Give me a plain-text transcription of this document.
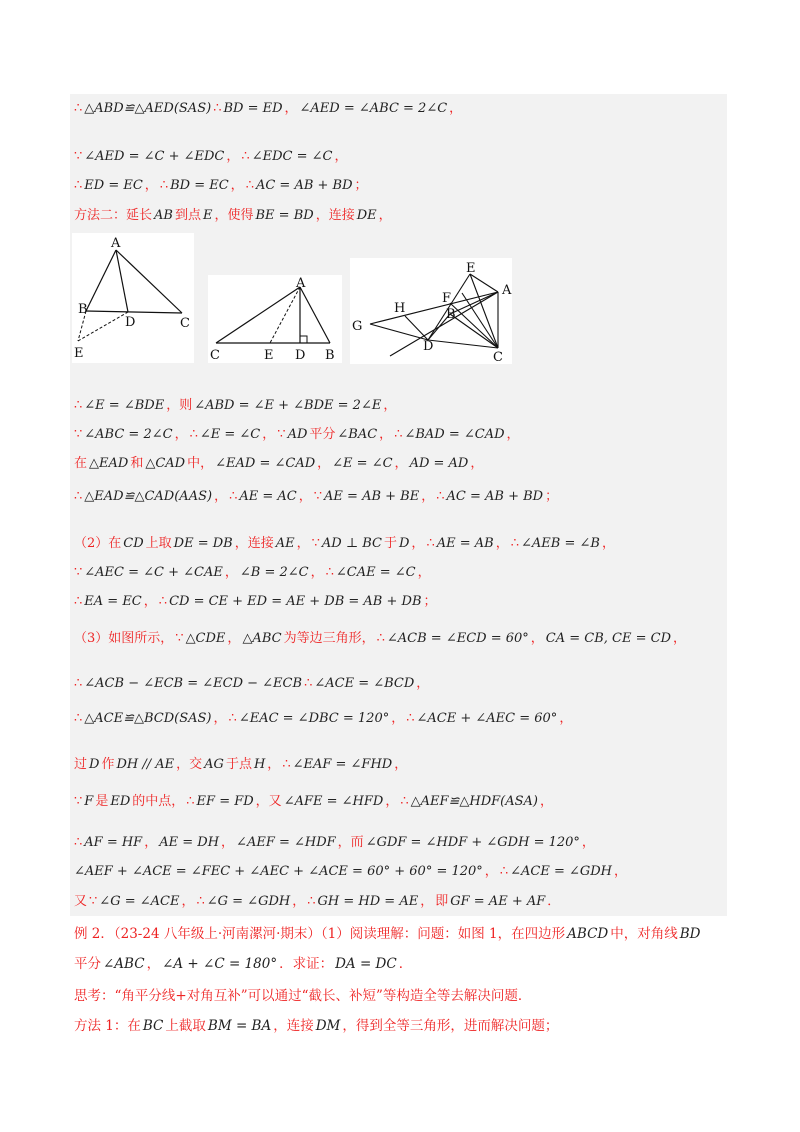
∴ △ABD≌△AED(SAS) ∴ BD = ED ， ∠AED = ∠ABC = 2∠C ，
∵ ∠AED = ∠C + ∠EDC ， ∴ ∠EDC = ∠C ，
∴ ED = EC ， ∴ BD = EC ， ∴ AC = AB + BD ；
方法二：延长 AB 到点 E ，使得 BE = BD ，连接 DE ，
∴ ∠E = ∠BDE ，则 ∠ABD = ∠E + ∠BDE = 2∠E ，
∵ ∠ABC = 2∠C ， ∴ ∠E = ∠C ， ∵ AD 平分 ∠BAC ， ∴ ∠BAD = ∠CAD ，
在 △EAD 和 △CAD 中， ∠EAD = ∠CAD ， ∠E = ∠C ， AD = AD ，
∴ △EAD≌△CAD(AAS) ， ∴ AE = AC ， ∵ AE = AB + BE ， ∴ AC = AB + BD ；
（2）在 CD 上取 DE = DB ，连接 AE ， ∵ AD ⊥ BC 于 D ， ∴ AE = AB ， ∴ ∠AEB = ∠B ，
∵ ∠AEC = ∠C + ∠CAE ， ∠B = 2∠C ， ∴ ∠CAE = ∠C ，
∴ EA = EC ， ∴ CD = CE + ED = AE + DB = AB + DB ；
（3）如图所示， ∵ △CDE ， △ABC 为等边三角形， ∴ ∠ACB = ∠ECD = 60° ， CA = CB, CE = CD ，
∴ ∠ACB − ∠ECB = ∠ECD − ∠ECB ∴ ∠ACE = ∠BCD ，
∴ △ACE≌△BCD(SAS) ， ∴ ∠EAC = ∠DBC = 120° ， ∴ ∠ACE + ∠AEC = 60° ，
过 D 作 DH // AE ，交 AG 于点 H ， ∴ ∠EAF = ∠FHD ，
∵ F 是 ED 的中点， ∴ EF = FD ，又 ∠AFE = ∠HFD ， ∴ △AEF≌△HDF(ASA) ，
∴ AF = HF ， AE = DH ， ∠AEF = ∠HDF ，而 ∠GDF = ∠HDF + ∠GDH = 120° ，
∠AEF + ∠ACE = ∠FEC + ∠AEC + ∠ACE = 60° + 60° = 120° ， ∴ ∠ACE = ∠GDH ，
又 ∵ ∠G = ∠ACE ， ∴ ∠G = ∠GDH ， ∴ GH = HD = AE ， 即 GF = AE + AF ．
A
B
D	C
E
A
C	E D B
E
A
F
H	B
G
D
C
例 2．（23-24 八年级上·河南漯河·期末）（1）阅读理解：问题：如图 1，在四边形 ABCD 中，对角线 BD
平分 ∠ABC ， ∠A + ∠C = 180° ．求证： DA = DC ．
思考：“角平分线+对角互补”可以通过“截长、补短”等构造全等去解决问题．
方法 1：在 BC 上截取 BM = BA ，连接 DM ，得到全等三角形，进而解决问题；
